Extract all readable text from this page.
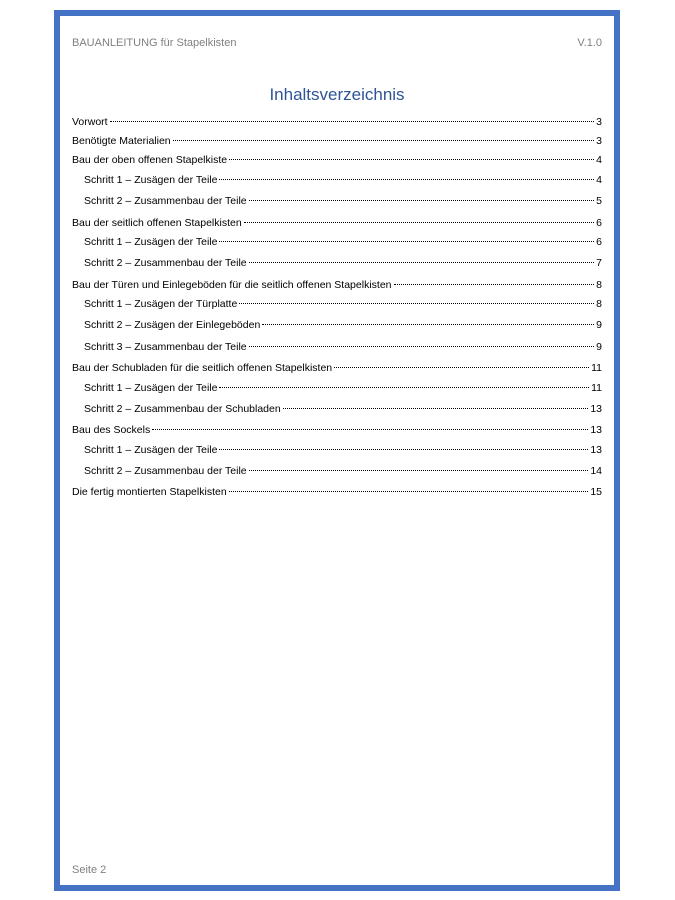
BAUANLEITUNG für Stapelkisten	V.1.0
Inhaltsverzeichnis
Vorwort	3
Benötigte Materialien	3
Bau der oben offenen Stapelkiste	4
Schritt 1 – Zusägen der Teile	4
Schritt 2 – Zusammenbau der Teile	5
Bau der seitlich offenen Stapelkisten	6
Schritt 1 – Zusägen der Teile	6
Schritt 2 – Zusammenbau der Teile	7
Bau der Türen und Einlegeböden für die seitlich offenen Stapelkisten	8
Schritt 1 – Zusägen der Türplatte	8
Schritt 2 – Zusägen der Einlegeböden	9
Schritt 3 – Zusammenbau der Teile	9
Bau der Schubladen für die seitlich offenen Stapelkisten	11
Schritt 1 – Zusägen der Teile	11
Schritt 2 – Zusammenbau der Schubladen	13
Bau des Sockels	13
Schritt 1 – Zusägen der Teile	13
Schritt 2 – Zusammenbau der Teile	14
Die fertig montierten Stapelkisten	15
Seite 2
